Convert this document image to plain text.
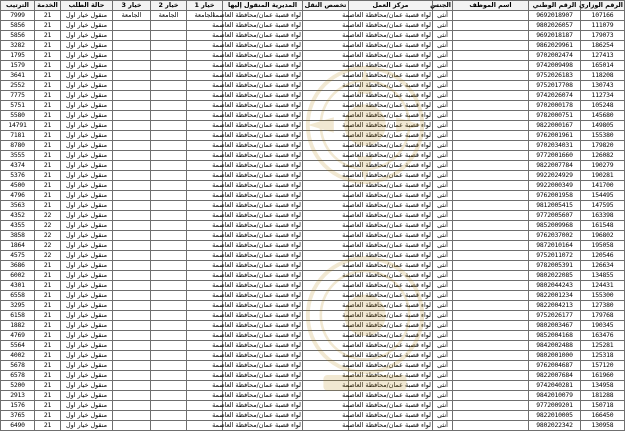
الرقم الوزاري	الرقم الوطني	اسم الموظف	الجنس	مركز العمل	تخصص النقل	المديرية المنقول إليها	خيار 1	خيار 2	خيار 3	حالة الطلب	الخدمة	الترتيب
107166	9692018907		أنثى	لواء قصبة عمان/محافظة العاصمة		لواء قصبة عمان/محافظة العاصمة	الجامعة	الجامعة	الجامعة	منقول خيار اول	21	7999
111079	9802026057		أنثى	لواء قصبة عمان/محافظة العاصمة		لواء قصبة عمان/محافظة العاصمة				منقول خيار اول	21	5856
179073	9692018187		أنثى	لواء قصبة عمان/محافظة العاصمة		لواء قصبة عمان/محافظة العاصمة				منقول خيار اول	21	5856
186254	9862029961		أنثى	لواء قصبة عمان/محافظة العاصمة		لواء قصبة عمان/محافظة العاصمة				منقول خيار اول	21	3282
127413	9702002474		أنثى	لواء قصبة عمان/محافظة العاصمة		لواء قصبة عمان/محافظة العاصمة				منقول خيار اول	21	1795
165014	9742009498		أنثى	لواء قصبة عمان/محافظة العاصمة		لواء قصبة عمان/محافظة العاصمة				منقول خيار اول	21	1579
118208	9752026183		أنثى	لواء قصبة عمان/محافظة العاصمة		لواء قصبة عمان/محافظة العاصمة				منقول خيار اول	21	3641
130743	9752017708		أنثى	لواء قصبة عمان/محافظة العاصمة		لواء قصبة عمان/محافظة العاصمة				منقول خيار اول	21	2552
112734	9742026074		أنثى	لواء قصبة عمان/محافظة العاصمة		لواء قصبة عمان/محافظة العاصمة				منقول خيار اول	21	7775
105248	9702000178		أنثى	لواء قصبة عمان/محافظة العاصمة		لواء قصبة عمان/محافظة العاصمة				منقول خيار اول	21	5751
145680	9782000751		أنثى	لواء قصبة عمان/محافظة العاصمة		لواء قصبة عمان/محافظة العاصمة				منقول خيار اول	21	5580
149805	9822000167		أنثى	لواء قصبة عمان/محافظة العاصمة		لواء قصبة عمان/محافظة العاصمة				منقول خيار اول	21	14791
155380	9762001961		أنثى	لواء قصبة عمان/محافظة العاصمة		لواء قصبة عمان/محافظة العاصمة				منقول خيار اول	21	7181
179820	9702034031		أنثى	لواء قصبة عمان/محافظة العاصمة		لواء قصبة عمان/محافظة العاصمة				منقول خيار اول	21	8780
126082	9772001660		أنثى	لواء قصبة عمان/محافظة العاصمة		لواء قصبة عمان/محافظة العاصمة				منقول خيار اول	21	3555
190279	9822007784		أنثى	لواء قصبة عمان/محافظة العاصمة		لواء قصبة عمان/محافظة العاصمة				منقول خيار اول	21	4374
190281	9922024929		أنثى	لواء قصبة عمان/محافظة العاصمة		لواء قصبة عمان/محافظة العاصمة				منقول خيار اول	21	5376
141700	9922000349		أنثى	لواء قصبة عمان/محافظة العاصمة		لواء قصبة عمان/محافظة العاصمة				منقول خيار اول	21	4500
154495	9762001958		أنثى	لواء قصبة عمان/محافظة العاصمة		لواء قصبة عمان/محافظة العاصمة				منقول خيار اول	21	4796
147595	9812005415		أنثى	لواء قصبة عمان/محافظة العاصمة		لواء قصبة عمان/محافظة العاصمة				منقول خيار اول	21	3563
163398	9772005607		أنثى	لواء قصبة عمان/محافظة العاصمة		لواء قصبة عمان/محافظة العاصمة				منقول خيار اول	22	4352
161548	9852009968		أنثى	لواء قصبة عمان/محافظة العاصمة		لواء قصبة عمان/محافظة العاصمة				منقول خيار اول	22	4355
196802	9762037002		أنثى	لواء قصبة عمان/محافظة العاصمة		لواء قصبة عمان/محافظة العاصمة				منقول خيار اول	22	3858
195058	9872010164		أنثى	لواء قصبة عمان/محافظة العاصمة		لواء قصبة عمان/محافظة العاصمة				منقول خيار اول	22	1864
120546	9752011072		أنثى	لواء قصبة عمان/محافظة العاصمة		لواء قصبة عمان/محافظة العاصمة				منقول خيار اول	22	4575
126634	9782005391		أنثى	لواء قصبة عمان/محافظة العاصمة		لواء قصبة عمان/محافظة العاصمة				منقول خيار اول	21	3686
134855	9802022085		أنثى	لواء قصبة عمان/محافظة العاصمة		لواء قصبة عمان/محافظة العاصمة				منقول خيار اول	21	6002
124431	9802044243		أنثى	لواء قصبة عمان/محافظة العاصمة		لواء قصبة عمان/محافظة العاصمة				منقول خيار اول	21	4301
155300	9822001234		أنثى	لواء قصبة عمان/محافظة العاصمة		لواء قصبة عمان/محافظة العاصمة				منقول خيار اول	21	6558
127380	9822004213		أنثى	لواء قصبة عمان/محافظة العاصمة		لواء قصبة عمان/محافظة العاصمة				منقول خيار اول	21	3295
179768	9752026177		أنثى	لواء قصبة عمان/محافظة العاصمة		لواء قصبة عمان/محافظة العاصمة				منقول خيار اول	21	6158
190345	9802003467		أنثى	لواء قصبة عمان/محافظة العاصمة		لواء قصبة عمان/محافظة العاصمة				منقول خيار اول	21	1882
163476	9852004168		أنثى	لواء قصبة عمان/محافظة العاصمة		لواء قصبة عمان/محافظة العاصمة				منقول خيار اول	21	4769
125281	9842002488		أنثى	لواء قصبة عمان/محافظة العاصمة		لواء قصبة عمان/محافظة العاصمة				منقول خيار اول	21	5564
125318	9802001000		أنثى	لواء قصبة عمان/محافظة العاصمة		لواء قصبة عمان/محافظة العاصمة				منقول خيار اول	21	4002
157120	9762004687		أنثى	لواء قصبة عمان/محافظة العاصمة		لواء قصبة عمان/محافظة العاصمة				منقول خيار اول	21	5678
161960	9822007684		أنثى	لواء قصبة عمان/محافظة العاصمة		لواء قصبة عمان/محافظة العاصمة				منقول خيار اول	21	6578
134958	9742040281		أنثى	لواء قصبة عمان/محافظة العاصمة		لواء قصبة عمان/محافظة العاصمة				منقول خيار اول	21	5200
181288	9842010079		أنثى	لواء قصبة عمان/محافظة العاصمة		لواء قصبة عمان/محافظة العاصمة				منقول خيار اول	21	2913
150718	9772009201		أنثى	لواء قصبة عمان/محافظة العاصمة		لواء قصبة عمان/محافظة العاصمة				منقول خيار اول	21	1576
166450	9822010005		أنثى	لواء قصبة عمان/محافظة العاصمة		لواء قصبة عمان/محافظة العاصمة				منقول خيار اول	21	3765
130958	9802022342		أنثى	لواء قصبة عمان/محافظة العاصمة		لواء قصبة عمان/محافظة العاصمة				منقول خيار اول	21	6490
